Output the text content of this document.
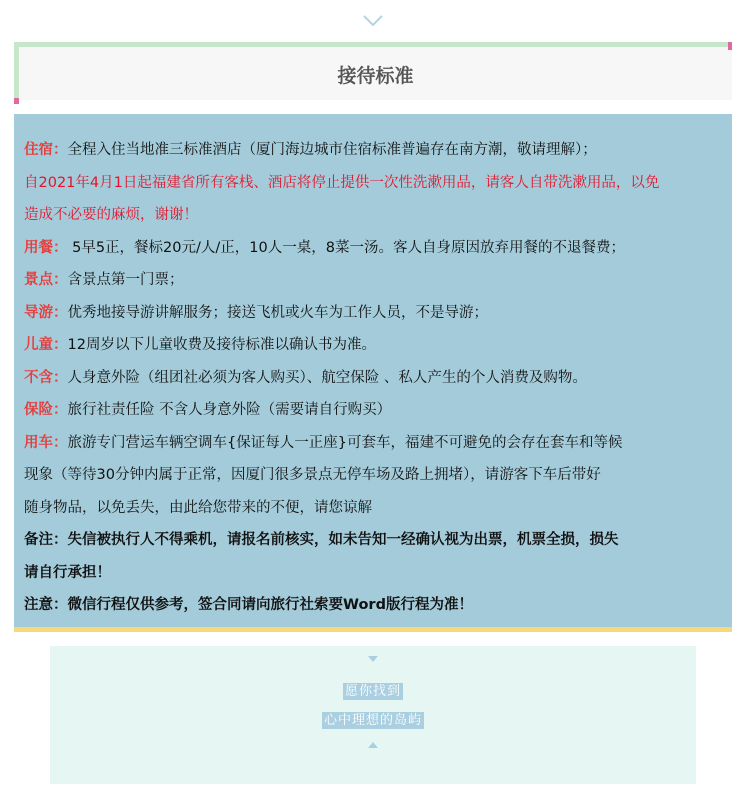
接待标准
住宿：全程入住当地准三标准酒店（厦门海边城市住宿标准普遍存在南方潮，敬请理解）；
自2021年4月1日起福建省所有客栈、酒店将停止提供一次性洗漱用品，请客人自带洗漱用品，以免
造成不必要的麻烦，谢谢！
用餐： 5早5正，餐标20元/人/正，10人一桌，8菜一汤。客人自身原因放弃用餐的不退餐费；
景点：含景点第一门票；
导游：优秀地接导游讲解服务；接送飞机或火车为工作人员，不是导游；
儿童：12周岁以下儿童收费及接待标准以确认书为准。
不含：人身意外险（组团社必须为客人购买）、航空保险 、私人产生的个人消费及购物。
保险：旅行社责任险 不含人身意外险（需要请自行购买）
用车：旅游专门营运车辆空调车{保证每人一正座}可套车，福建不可避免的会存在套车和等候
现象（等待30分钟内属于正常，因厦门很多景点无停车场及路上拥堵），请游客下车后带好
随身物品，以免丢失，由此给您带来的不便，请您谅解
备注：失信被执行人不得乘机，请报名前核实，如未告知一经确认视为出票，机票全损，损失
请自行承担！
注意：微信行程仅供参考，签合同请向旅行社索要Word版行程为准！
愿你找到
心中理想的岛屿
